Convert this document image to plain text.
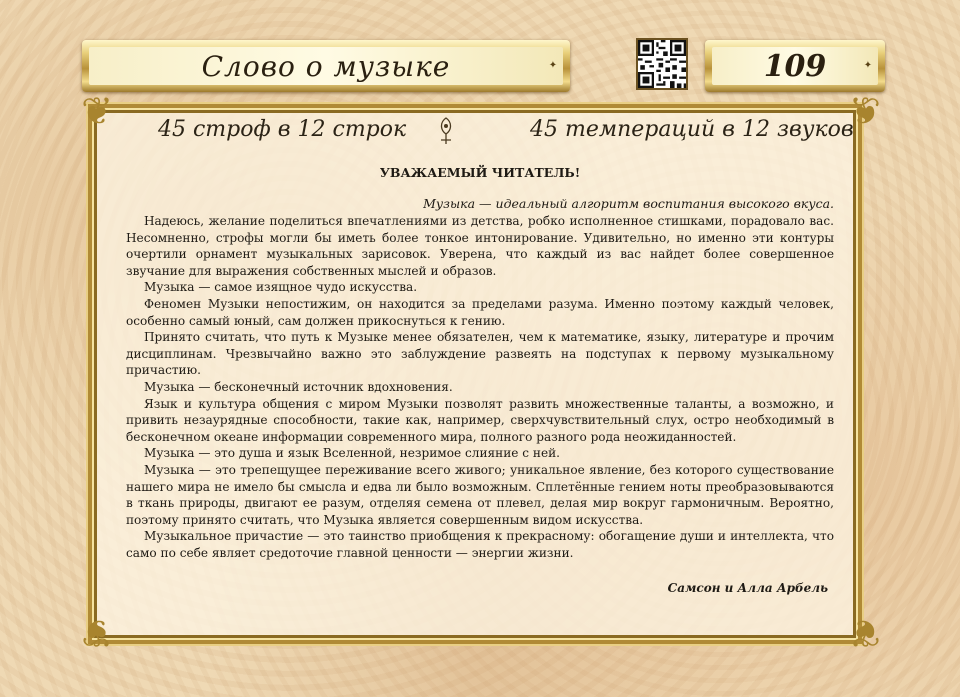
Слово о музыке	✦	109	✦
❦	❦
❦	❦
45 строф в 12 строк	45 темпераций в 12 звуков
УВАЖАЕМЫЙ ЧИТАТЕЛЬ!
Музыка — идеальный алгоритм воспитания высокого вкуса.

Надеюсь, желание поделиться впечатлениями из детства, робко исполненное стишками, порадовало вас. Несомненно, строфы могли бы иметь более тонкое интонирование. Удивительно, но именно эти контуры очертили орнамент музыкальных зарисовок. Уверена, что каждый из вас найдет более совершенное звучание для выражения собственных мыслей и образов.

Музыка — самое изящное чудо искусства.

Феномен Музыки непостижим, он находится за пределами разума. Именно поэтому каждый человек, особенно самый юный, сам должен прикоснуться к гению.

Принято считать, что путь к Музыке менее обязателен, чем к математике, языку, литературе и прочим дисциплинам. Чрезвычайно важно это заблуждение развеять на подступах к первому музыкальному причастию.

Музыка — бесконечный источник вдохновения.

Язык и культура общения с миром Музыки позволят развить множественные таланты, а возможно, и привить незаурядные способности, такие как, например, сверхчувствительный слух, остро необходимый в бесконечном океане информации современного мира, полного разного рода неожиданностей.

Музыка — это душа и язык Вселенной, незримое слияние с ней.

Музыка — это трепещущее переживание всего живого; уникальное явление, без которого существование нашего мира не имело бы смысла и едва ли было возможным. Сплетённые гением ноты преобразовываются в ткань природы, двигают ее разум, отделяя семена от плевел, делая мир вокруг гармоничным. Вероятно, поэтому принято считать, что Музыка является совершенным видом искусства.

Музыкальное причастие — это таинство приобщения к прекрасному: обогащение души и интеллекта, что само по себе являет средоточие главной ценности — энергии жизни.

Самсон и Алла Арбель
